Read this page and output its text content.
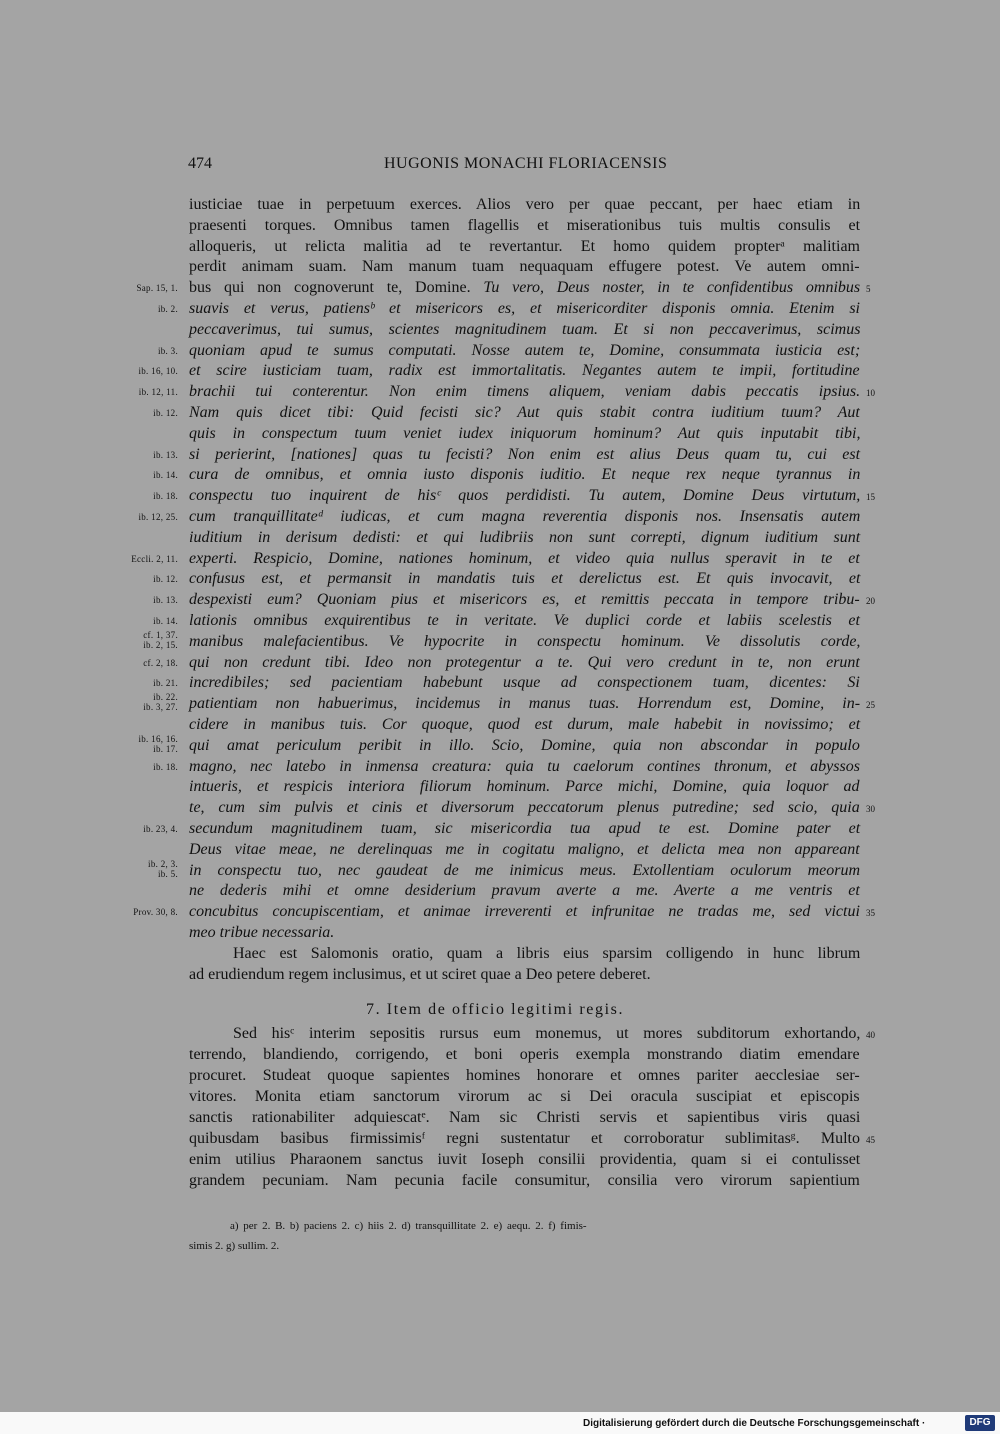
474	HUGONIS MONACHI FLORIACENSIS
iusticiae tuae in perpetuum exerces. Alios vero per quae peccant, per haec etiam in
praesenti torques. Omnibus tamen flagellis et miserationibus tuis multis consulis et
alloqueris, ut relicta malitia ad te revertantur. Et homo quidem propterᵃ malitiam
perdit animam suam. Nam manum tuam nequaquam effugere potest. Ve autem omni-
bus qui non cognoverunt te, Domine. Tu vero, Deus noster, in te confidentibus omnibus
Sap. 15, 1.	5
suavis et verus, patiensᵇ et misericors es, et misericorditer disponis omnia. Etenim si
ib. 2.
peccaverimus, tui sumus, scientes magnitudinem tuam. Et si non peccaverimus, scimus
quoniam apud te sumus computati. Nosse autem te, Domine, consummata iusticia est;
ib. 3.
et scire iusticiam tuam, radix est immortalitatis. Negantes autem te impii, fortitudine
ib. 16, 10.
brachii tui conterentur. Non enim timens aliquem, veniam dabis peccatis ipsius.
ib. 12, 11.	10
Nam quis dicet tibi: Quid fecisti sic? Aut quis stabit contra iuditium tuum? Aut
ib. 12.
quis in conspectum tuum veniet iudex iniquorum hominum? Aut quis inputabit tibi,
si perierint, [nationes] quas tu fecisti? Non enim est alius Deus quam tu, cui est
ib. 13.
cura de omnibus, et omnia iusto disponis iuditio. Et neque rex neque tyrannus in
ib. 14.
conspectu tuo inquirent de hisᶜ quos perdidisti. Tu autem, Domine Deus virtutum,
ib. 18.	15
cum tranquillitateᵈ iudicas, et cum magna reverentia disponis nos. Insensatis autem
ib. 12, 25.
iuditium in derisum dedisti: et qui ludibriis non sunt correpti, dignum iuditium sunt
experti. Respicio, Domine, nationes hominum, et video quia nullus speravit in te et
Eccli. 2, 11.
confusus est, et permansit in mandatis tuis et derelictus est. Et quis invocavit, et
ib. 12.
despexisti eum? Quoniam pius et misericors es, et remittis peccata in tempore tribu-
ib. 13.	20
lationis omnibus exquirentibus te in veritate. Ve duplici corde et labiis scelestis et
ib. 14.
manibus malefacientibus. Ve hypocrite in conspectu hominum. Ve dissolutis corde,
cf. 1, 37.
ib. 2, 15.
qui non credunt tibi. Ideo non protegentur a te. Qui vero credunt in te, non erunt
cf. 2, 18.
incredibiles; sed pacientiam habebunt usque ad conspectionem tuam, dicentes: Si
ib. 21.
patientiam non habuerimus, incidemus in manus tuas. Horrendum est, Domine, in-
ib. 22.
ib. 3, 27.	25
cidere in manibus tuis. Cor quoque, quod est durum, male habebit in novissimo; et
qui amat periculum peribit in illo. Scio, Domine, quia non abscondar in populo
ib. 16, 16.
ib. 17.
magno, nec latebo in inmensa creatura: quia tu caelorum contines thronum, et abyssos
ib. 18.
intueris, et respicis interiora filiorum hominum. Parce michi, Domine, quia loquor ad
te, cum sim pulvis et cinis et diversorum peccatorum plenus putredine; sed scio, quia 30
secundum magnitudinem tuam, sic misericordia tua apud te est. Domine pater et
ib. 23, 4.
Deus vitae meae, ne derelinquas me in cogitatu maligno, et delicta mea non appareant
in conspectu tuo, nec gaudeat de me inimicus meus. Extollentiam oculorum meorum
ib. 2, 3.
ib. 5.
ne dederis mihi et omne desiderium pravum averte a me. Averte a me ventris et
concubitus concupiscentiam, et animae irreverenti et infrunitae ne tradas me, sed victui
Prov. 30, 8.	35
meo tribue necessaria.
Haec est Salomonis oratio, quam a libris eius sparsim colligendo in hunc librum
ad erudiendum regem inclusimus, et ut sciret quae a Deo petere deberet.
Sed hisᶜ interim sepositis rursus eum monemus, ut mores subditorum exhortando, 40
terrendo, blandiendo, corrigendo, et boni operis exempla monstrando diatim emendare
procuret. Studeat quoque sapientes homines honorare et omnes pariter aecclesiae ser-
vitores. Monita etiam sanctorum virorum ac si Dei oracula suscipiat et episcopis
sanctis rationabiliter adquiescatᵉ. Nam sic Christi servis et sapientibus viris quasi
quibusdam basibus firmissimisᶠ regni sustentatur et corroboratur sublimitasᵍ. Multo 45
enim utilius Pharaonem sanctus iuvit Ioseph consilii providentia, quam si ei contulisset
grandem pecuniam. Nam pecunia facile consumitur, consilia vero virorum sapientium
7. Item de officio legitimi regis.
a) per 2. B. b) paciens 2. c) hiis 2. d) transquillitate 2. e) aequ. 2. f) fimis-
simis 2. g) sullim. 2.
Digitalisierung gefördert durch die Deutsche Forschungsgemeinschaft ·	DFG
